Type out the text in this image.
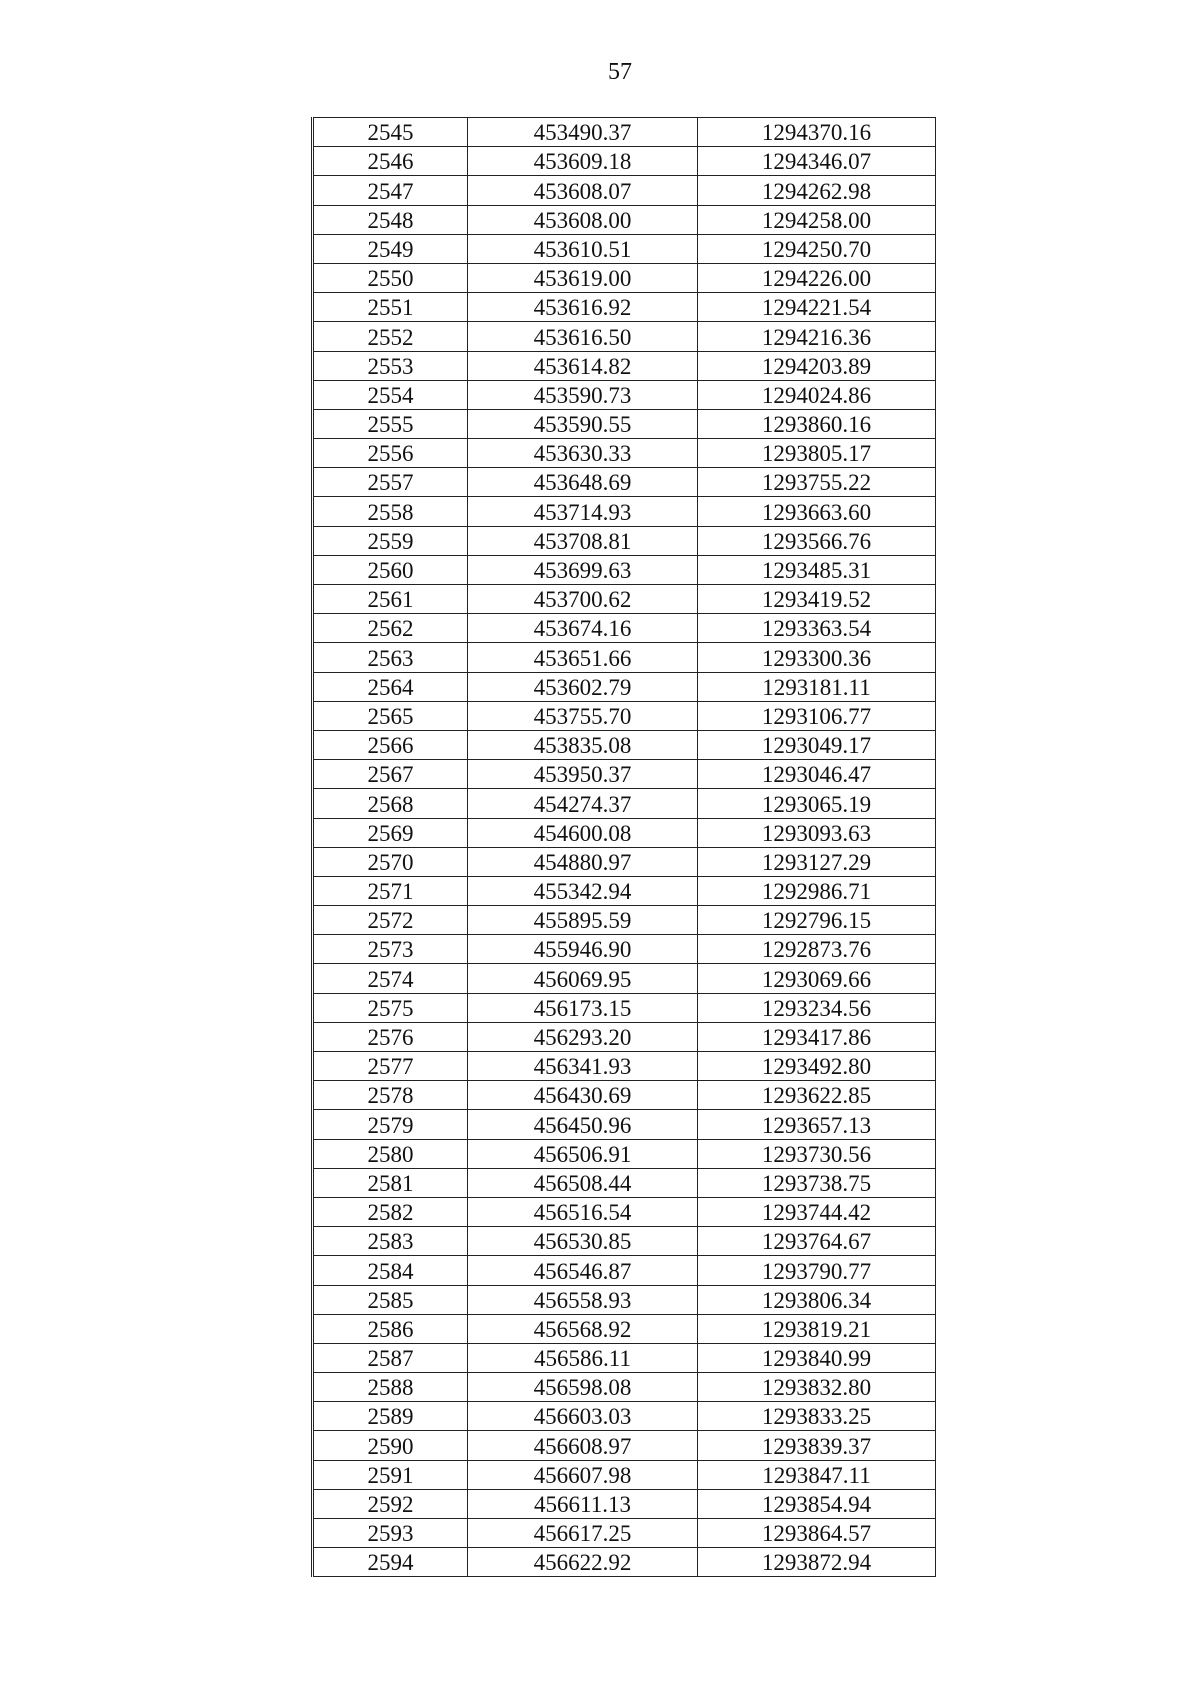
57
2545	453490.37	1294370.16
2546	453609.18	1294346.07
2547	453608.07	1294262.98
2548	453608.00	1294258.00
2549	453610.51	1294250.70
2550	453619.00	1294226.00
2551	453616.92	1294221.54
2552	453616.50	1294216.36
2553	453614.82	1294203.89
2554	453590.73	1294024.86
2555	453590.55	1293860.16
2556	453630.33	1293805.17
2557	453648.69	1293755.22
2558	453714.93	1293663.60
2559	453708.81	1293566.76
2560	453699.63	1293485.31
2561	453700.62	1293419.52
2562	453674.16	1293363.54
2563	453651.66	1293300.36
2564	453602.79	1293181.11
2565	453755.70	1293106.77
2566	453835.08	1293049.17
2567	453950.37	1293046.47
2568	454274.37	1293065.19
2569	454600.08	1293093.63
2570	454880.97	1293127.29
2571	455342.94	1292986.71
2572	455895.59	1292796.15
2573	455946.90	1292873.76
2574	456069.95	1293069.66
2575	456173.15	1293234.56
2576	456293.20	1293417.86
2577	456341.93	1293492.80
2578	456430.69	1293622.85
2579	456450.96	1293657.13
2580	456506.91	1293730.56
2581	456508.44	1293738.75
2582	456516.54	1293744.42
2583	456530.85	1293764.67
2584	456546.87	1293790.77
2585	456558.93	1293806.34
2586	456568.92	1293819.21
2587	456586.11	1293840.99
2588	456598.08	1293832.80
2589	456603.03	1293833.25
2590	456608.97	1293839.37
2591	456607.98	1293847.11
2592	456611.13	1293854.94
2593	456617.25	1293864.57
2594	456622.92	1293872.94
